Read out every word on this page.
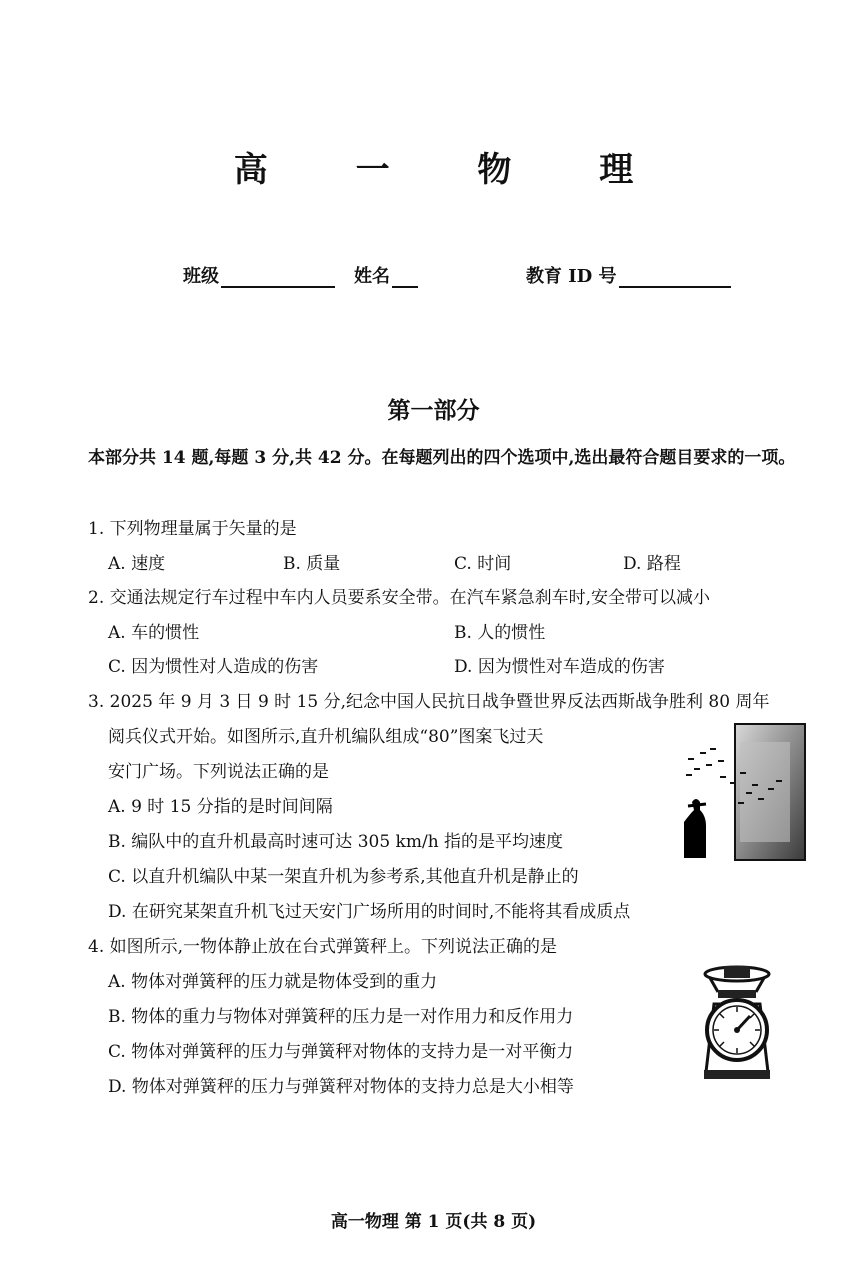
高 一 物 理
班级	姓名	教育 ID 号
第一部分
本部分共 14 题,每题 3 分,共 42 分。在每题列出的四个选项中,选出最符合题目要求的一项。
1. 下列物理量属于矢量的是
A. 速度	B. 质量	C. 时间	D. 路程
2. 交通法规定行车过程中车内人员要系安全带。在汽车紧急刹车时,安全带可以减小
A. 车的惯性	B. 人的惯性
C. 因为惯性对人造成的伤害	D. 因为惯性对车造成的伤害
3. 2025 年 9 月 3 日 9 时 15 分,纪念中国人民抗日战争暨世界反法西斯战争胜利 80 周年
阅兵仪式开始。如图所示,直升机编队组成“80”图案飞过天
安门广场。下列说法正确的是
A. 9 时 15 分指的是时间间隔
B. 编队中的直升机最高时速可达 305 km/h 指的是平均速度
C. 以直升机编队中某一架直升机为参考系,其他直升机是静止的
D. 在研究某架直升机飞过天安门广场所用的时间时,不能将其看成质点
4. 如图所示,一物体静止放在台式弹簧秤上。下列说法正确的是
A. 物体对弹簧秤的压力就是物体受到的重力
B. 物体的重力与物体对弹簧秤的压力是一对作用力和反作用力
C. 物体对弹簧秤的压力与弹簧秤对物体的支持力是一对平衡力
D. 物体对弹簧秤的压力与弹簧秤对物体的支持力总是大小相等
高一物理 第 1 页(共 8 页)
